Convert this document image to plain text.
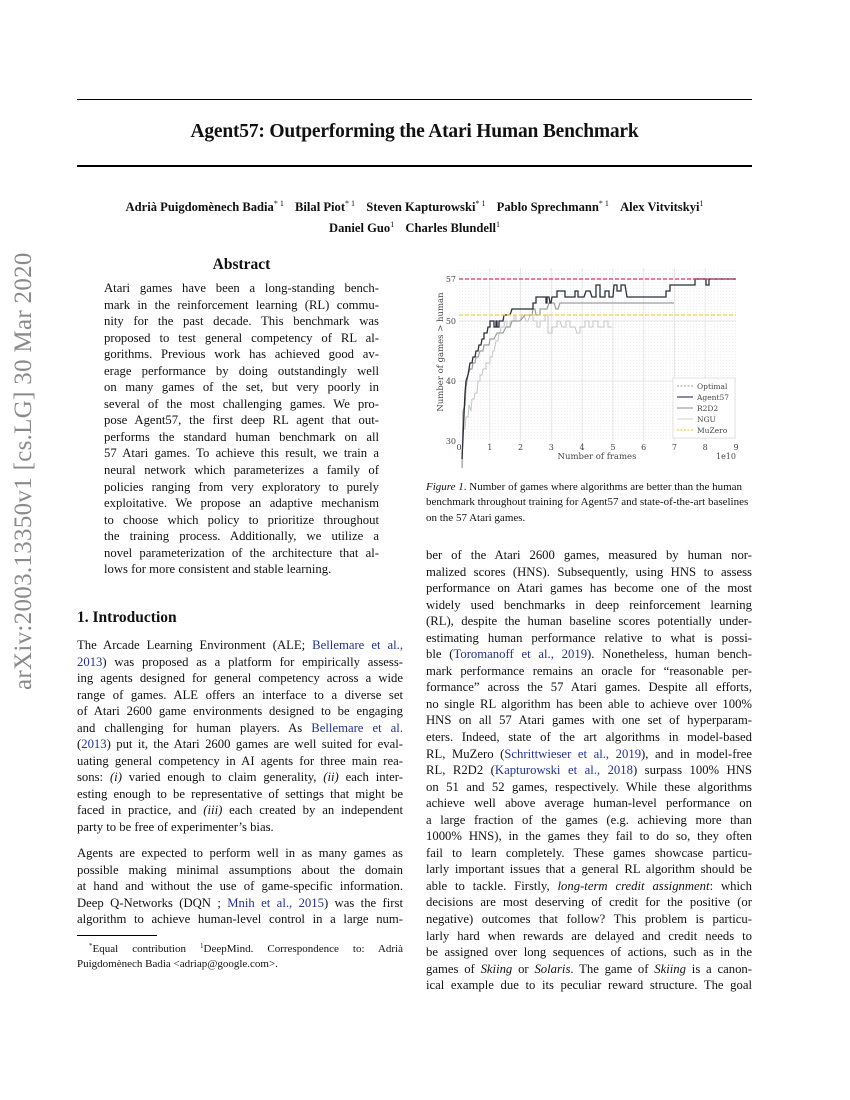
Agent57: Outperforming the Atari Human Benchmark
Adrià Puigdomènech Badia$^{* 1}$ Bilal Piot$^{* 1}$ Steven Kapturowski$^{* 1}$ Pablo Sprechmann$^{* 1}$ Alex Vitvitskyi$^1$
Daniel Guo$^1$ Charles Blundell$^1$
arXiv:2003.13350v1 [cs.LG] 30 Mar 2020	Abstract
Atari games have been a long-standing bench-
mark in the reinforcement learning (RL) commu-
nity for the past decade. This benchmark was
proposed to test general competency of RL al-
gorithms. Previous work has achieved good av-
erage performance by doing outstandingly well
on many games of the set, but very poorly in
several of the most challenging games. We pro-
pose Agent57, the first deep RL agent that out-
performs the standard human benchmark on all
57 Atari games. To achieve this result, we train a
neural network which parameterizes a family of
policies ranging from very exploratory to purely
exploitative. We propose an adaptive mechanism
to choose which policy to prioritize throughout
the training process. Additionally, we utilize a
novel parameterization of the architecture that al-
lows for more consistent and stable learning.
1. Introduction
The Arcade Learning Environment (ALE; Bellemare et al.,
2013) was proposed as a platform for empirically assess-
ing agents designed for general competency across a wide
range of games. ALE offers an interface to a diverse set
of Atari 2600 game environments designed to be engaging
and challenging for human players. As Bellemare et al.
(2013) put it, the Atari 2600 games are well suited for eval-
uating general competency in AI agents for three main rea-
sons: (i) varied enough to claim generality, (ii) each inter-
esting enough to be representative of settings that might be
faced in practice, and (iii) each created by an independent
party to be free of experimenter’s bias.
Agents are expected to perform well in as many games as
possible making minimal assumptions about the domain
at hand and without the use of game-specific information.
Deep Q-Networks (DQN ; Mnih et al., 2015) was the first
algorithm to achieve human-level control in a large num-
*Equal contribution $^1$DeepMind. Correspondence to: Adrià
Puigdomènech Badia <adriap@google.com>.
57
50
40
30
0	1	2	3	4	5	6	7	8	9
Number of frames	1e10
Number of games > human	Optimal
Agent57
R2D2
NGU
MuZero
Figure 1. Number of games where algorithms are better than the human benchmark throughout training for Agent57 and state-of-the-art baselines on the 57 Atari games.
ber of the Atari 2600 games, measured by human nor-
malized scores (HNS). Subsequently, using HNS to assess
performance on Atari games has become one of the most
widely used benchmarks in deep reinforcement learning
(RL), despite the human baseline scores potentially under-
estimating human performance relative to what is possi-
ble (Toromanoff et al., 2019). Nonetheless, human bench-
mark performance remains an oracle for “reasonable per-
formance” across the 57 Atari games. Despite all efforts,
no single RL algorithm has been able to achieve over 100%
HNS on all 57 Atari games with one set of hyperparam-
eters. Indeed, state of the art algorithms in model-based
RL, MuZero (Schrittwieser et al., 2019), and in model-free
RL, R2D2 (Kapturowski et al., 2018) surpass 100% HNS
on 51 and 52 games, respectively. While these algorithms
achieve well above average human-level performance on
a large fraction of the games (e.g. achieving more than
1000% HNS), in the games they fail to do so, they often
fail to learn completely. These games showcase particu-
larly important issues that a general RL algorithm should be
able to tackle. Firstly, long-term credit assignment: which
decisions are most deserving of credit for the positive (or
negative) outcomes that follow? This problem is particu-
larly hard when rewards are delayed and credit needs to
be assigned over long sequences of actions, such as in the
games of Skiing or Solaris. The game of Skiing is a canon-
ical example due to its peculiar reward structure. The goal
